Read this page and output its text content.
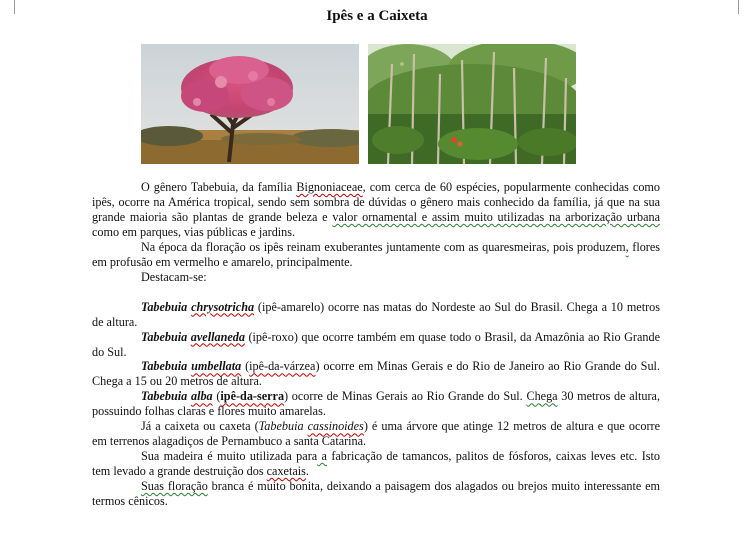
Ipês e a Caixeta

O gênero Tabebuia, da família Bignoniaceae, com cerca de 60 espécies, popularmente conhecidas como ipês, ocorre na América tropical, sendo sem sombra de dúvidas o gênero mais conhecido da família, já que na sua grande maioria são plantas de grande beleza e valor ornamental e assim muito utilizadas na arborização urbana como em parques, vias públicas e jardins.

Na época da floração os ipês reinam exuberantes juntamente com as quaresmeiras, pois produzem, flores em profusão em vermelho e amarelo, principalmente.

Destacam-se:

Tabebuia chrysotricha (ipê-amarelo) ocorre nas matas do Nordeste ao Sul do Brasil. Chega a 10 metros de altura.

Tabebuia avellaneda (ipê-roxo) que ocorre também em quase todo o Brasil, da Amazônia ao Rio Grande do Sul.

Tabebuia umbellata (ipê-da-várzea) ocorre em Minas Gerais e do Rio de Janeiro ao Rio Grande do Sul. Chega a 15 ou 20 metros de altura.

Tabebuia alba (ipê-da-serra) ocorre de Minas Gerais ao Rio Grande do Sul. Chega 30 metros de altura, possuindo folhas claras e flores muito amarelas.

Já a caixeta ou caxeta (Tabebuia cassinoides) é uma árvore que atinge 12 metros de altura e que ocorre em terrenos alagadiços de Pernambuco a santa Catarina.

Sua madeira é muito utilizada para a fabricação de tamancos, palitos de fósforos, caixas leves etc. Isto tem levado a grande destruição dos caxetais.

Suas floração branca é muito bonita, deixando a paisagem dos alagados ou brejos muito interessante em termos cênicos.
